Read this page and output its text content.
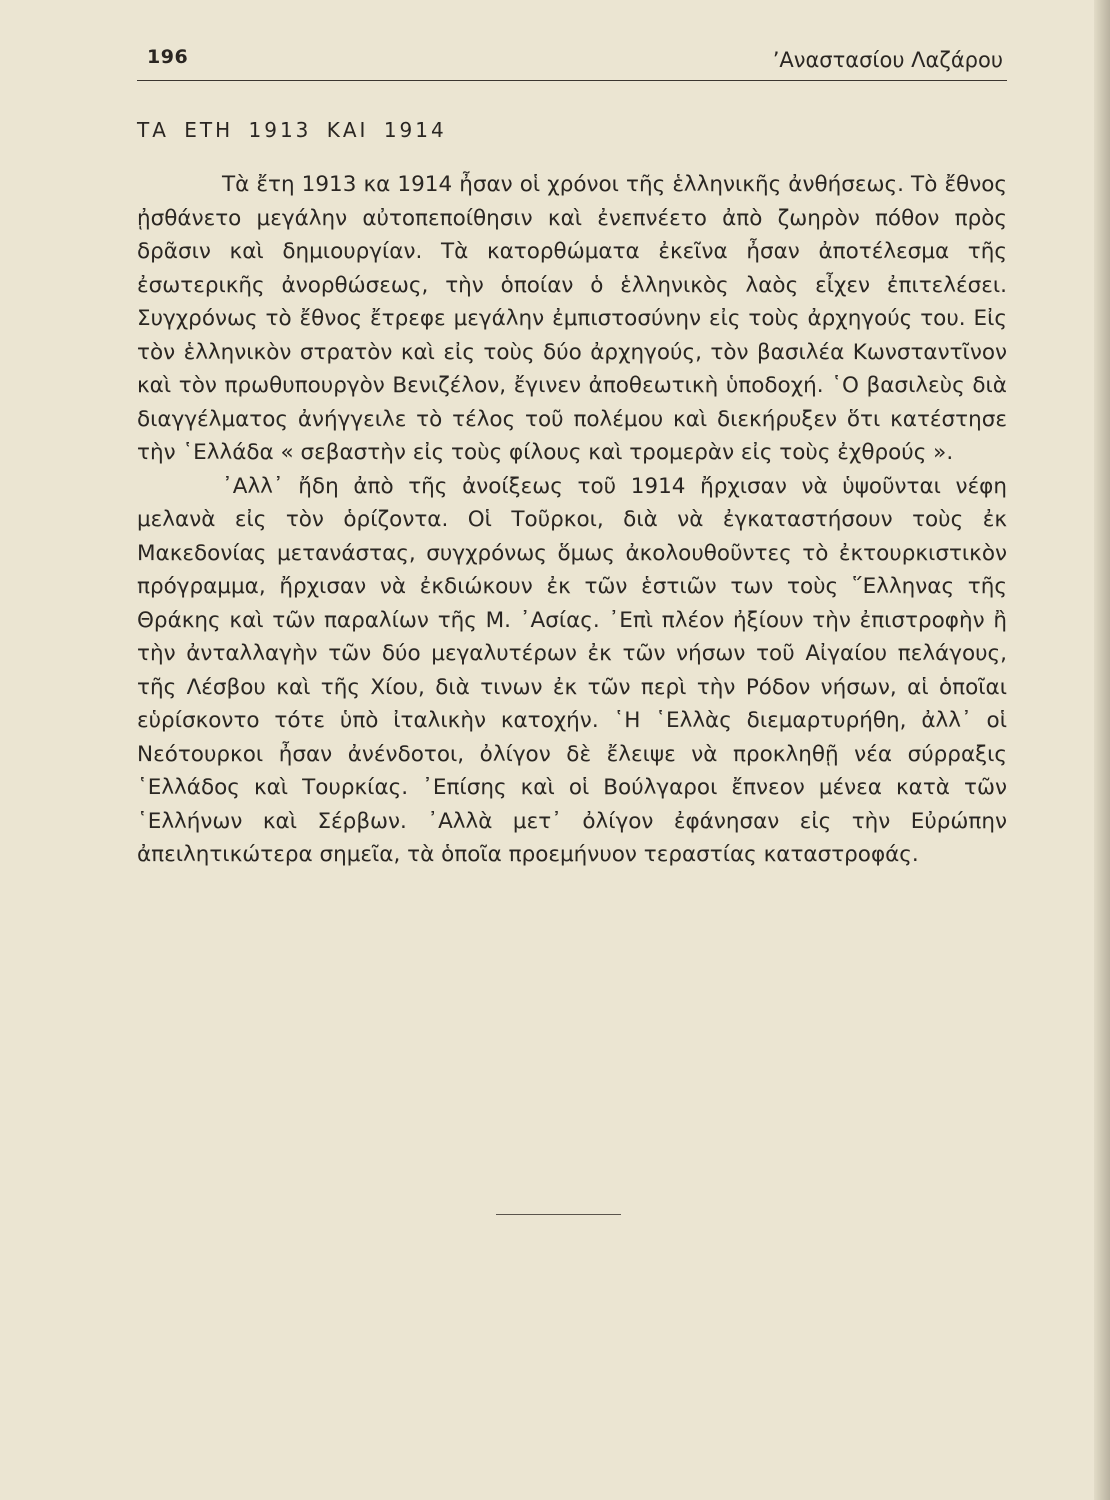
196	’Αναστασίου Λαζάρου
ΤΑ ΕΤΗ 1913 ΚΑΙ 1914

Τὰ ἔτη 1913 κα 1914 ἦσαν οἱ χρόνοι τῆς ἑλληνικῆς ἀνθήσεως. Τὸ ἔθνος ᾐσθάνετο μεγάλην αὐτοπεποίθησιν καὶ ἐνεπνέετο ἀπὸ ζωηρὸν πόθον πρὸς δρᾶσιν καὶ δημιουργίαν. Τὰ κατορθώματα ἐκεῖνα ἦσαν ἀποτέλεσμα τῆς ἐσωτερικῆς ἀνορθώσεως, τὴν ὁποίαν ὁ ἑλληνικὸς λαὸς εἶχεν ἐπιτελέσει. Συγχρόνως τὸ ἔθνος ἔτρεφε μεγάλην ἐμπιστοσύνην εἰς τοὺς ἀρχηγούς του. Εἰς τὸν ἑλληνικὸν στρατὸν καὶ εἰς τοὺς δύο ἀρχηγούς, τὸν βασιλέα Κωνσταντῖνον καὶ τὸν πρωθυπουργὸν Βενιζέλον, ἔγινεν ἀποθεωτικὴ ὑποδοχή. ῾Ο βασιλεὺς διὰ διαγγέλματος ἀνήγγειλε τὸ τέλος τοῦ πολέμου καὶ διεκήρυξεν ὅτι κατέστησε τὴν ῾Ελλάδα « σεβαστὴν εἰς τοὺς φίλους καὶ τρομερὰν εἰς τοὺς ἐχθρούς ».

᾿Αλλ᾿ ἤδη ἀπὸ τῆς ἀνοίξεως τοῦ 1914 ἤρχισαν νὰ ὑψοῦνται νέφη μελανὰ εἰς τὸν ὁρίζοντα. Οἱ Τοῦρκοι, διὰ νὰ ἐγκαταστήσουν τοὺς ἐκ Μακεδονίας μετανάστας, συγχρόνως ὅμως ἀκολουθοῦντες τὸ ἐκτουρκιστικὸν πρόγραμμα, ἤρχισαν νὰ ἐκδιώκουν ἐκ τῶν ἑστιῶν των τοὺς ῞Ελληνας τῆς Θράκης καὶ τῶν παραλίων τῆς Μ. ᾿Ασίας. ᾿Επὶ πλέον ἠξίουν τὴν ἐπιστροφὴν ἢ τὴν ἀνταλλαγὴν τῶν δύο μεγαλυτέρων ἐκ τῶν νήσων τοῦ Αἰγαίου πελάγους, τῆς Λέσβου καὶ τῆς Χίου, διὰ τινων ἐκ τῶν περὶ τὴν Ρόδον νήσων, αἱ ὁποῖαι εὑρίσκοντο τότε ὑπὸ ἰταλικὴν κατοχήν. ῾Η ῾Ελλὰς διεμαρτυρήθη, ἀλλ᾿ οἱ Νεότουρκοι ἦσαν ἀνένδοτοι, ὀλίγον δὲ ἔλειψε νὰ προκληθῇ νέα σύρραξις ῾Ελλάδος καὶ Τουρκίας. ᾿Επίσης καὶ οἱ Βούλγαροι ἔπνεον μένεα κατὰ τῶν ῾Ελλήνων καὶ Σέρβων. ᾿Αλλὰ μετ᾿ ὀλίγον ἐφάνησαν εἰς τὴν Εὐρώπην ἀπειλητικώτερα σημεῖα, τὰ ὁποῖα προεμήνυον τεραστίας καταστροφάς.
